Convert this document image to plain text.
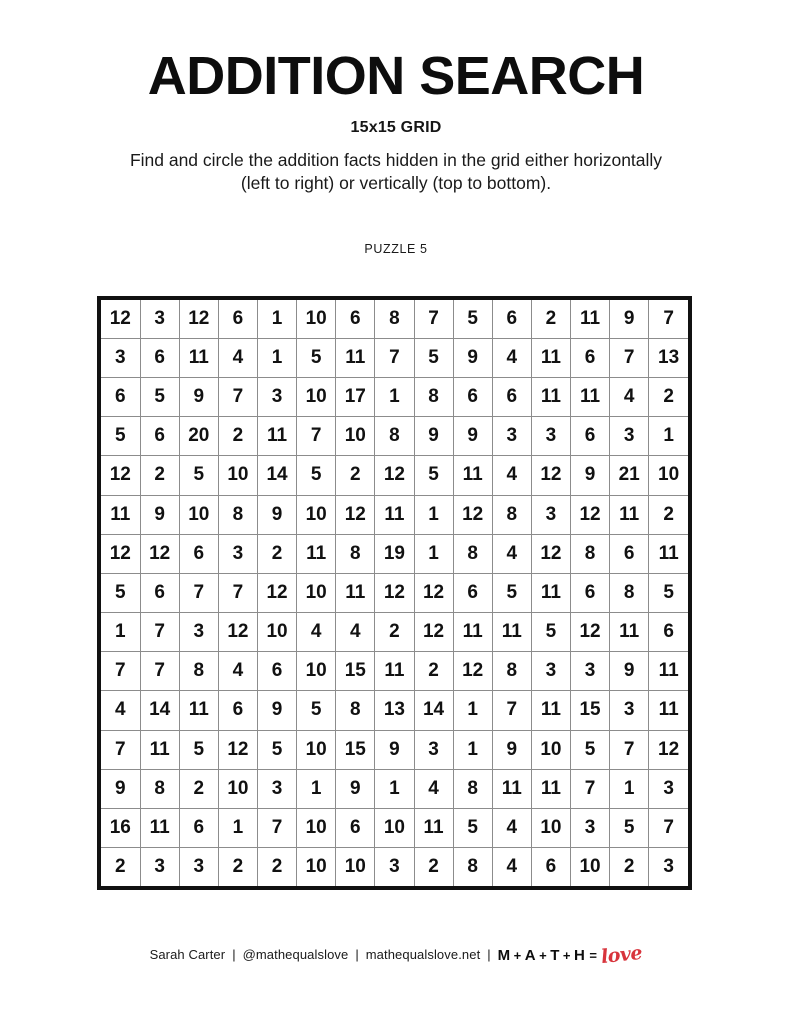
ADDITION SEARCH
15x15 GRID

Find and circle the addition facts hidden in the grid either horizontally (left to right) or vertically (top to bottom).

PUZZLE 5
12	3	12	6	1	10	6	8	7	5	6	2	11	9	7
3	6	11	4	1	5	11	7	5	9	4	11	6	7	13
6	5	9	7	3	10	17	1	8	6	6	11	11	4	2
5	6	20	2	11	7	10	8	9	9	3	3	6	3	1
12	2	5	10	14	5	2	12	5	11	4	12	9	21	10
11	9	10	8	9	10	12	11	1	12	8	3	12	11	2
12	12	6	3	2	11	8	19	1	8	4	12	8	6	11
5	6	7	7	12	10	11	12	12	6	5	11	6	8	5
1	7	3	12	10	4	4	2	12	11	11	5	12	11	6
7	7	8	4	6	10	15	11	2	12	8	3	3	9	11
4	14	11	6	9	5	8	13	14	1	7	11	15	3	11
7	11	5	12	5	10	15	9	3	1	9	10	5	7	12
9	8	2	10	3	1	9	1	4	8	11	11	7	1	3
16	11	6	1	7	10	6	10	11	5	4	10	3	5	7
2	3	3	2	2	10	10	3	2	8	4	6	10	2	3
Sarah Carter | @mathequalslove | mathequalslove.net | M + A + T + H = love
